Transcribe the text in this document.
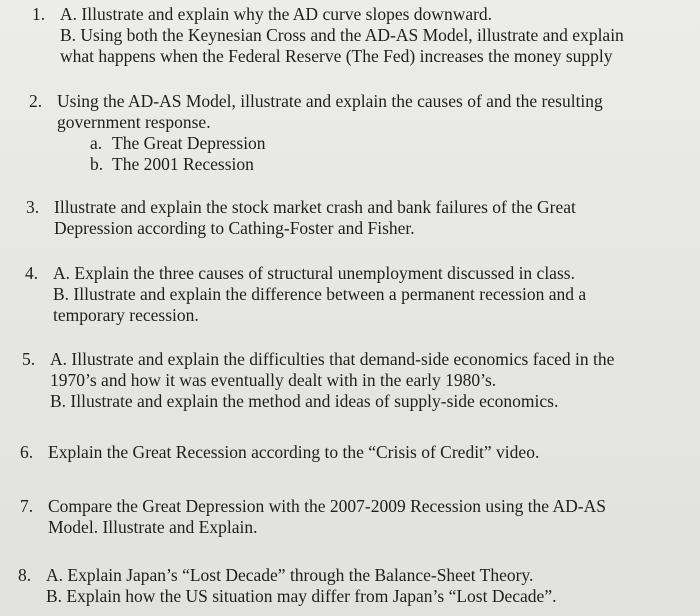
1. A. Illustrate and explain why the AD curve slopes downward.
B. Using both the Keynesian Cross and the AD-AS Model, illustrate and explain
what happens when the Federal Reserve (The Fed) increases the money supply
2. Using the AD-AS Model, illustrate and explain the causes of and the resulting
government response.
a. The Great Depression
b. The 2001 Recession
3. Illustrate and explain the stock market crash and bank failures of the Great
Depression according to Cathing-Foster and Fisher.
4. A. Explain the three causes of structural unemployment discussed in class.
B. Illustrate and explain the difference between a permanent recession and a
temporary recession.
5. A. Illustrate and explain the difficulties that demand-side economics faced in the
1970’s and how it was eventually dealt with in the early 1980’s.
B. Illustrate and explain the method and ideas of supply-side economics.
6. Explain the Great Recession according to the “Crisis of Credit” video.
7. Compare the Great Depression with the 2007-2009 Recession using the AD-AS
Model. Illustrate and Explain.
8. A. Explain Japan’s “Lost Decade” through the Balance-Sheet Theory.
B. Explain how the US situation may differ from Japan’s “Lost Decade”.
